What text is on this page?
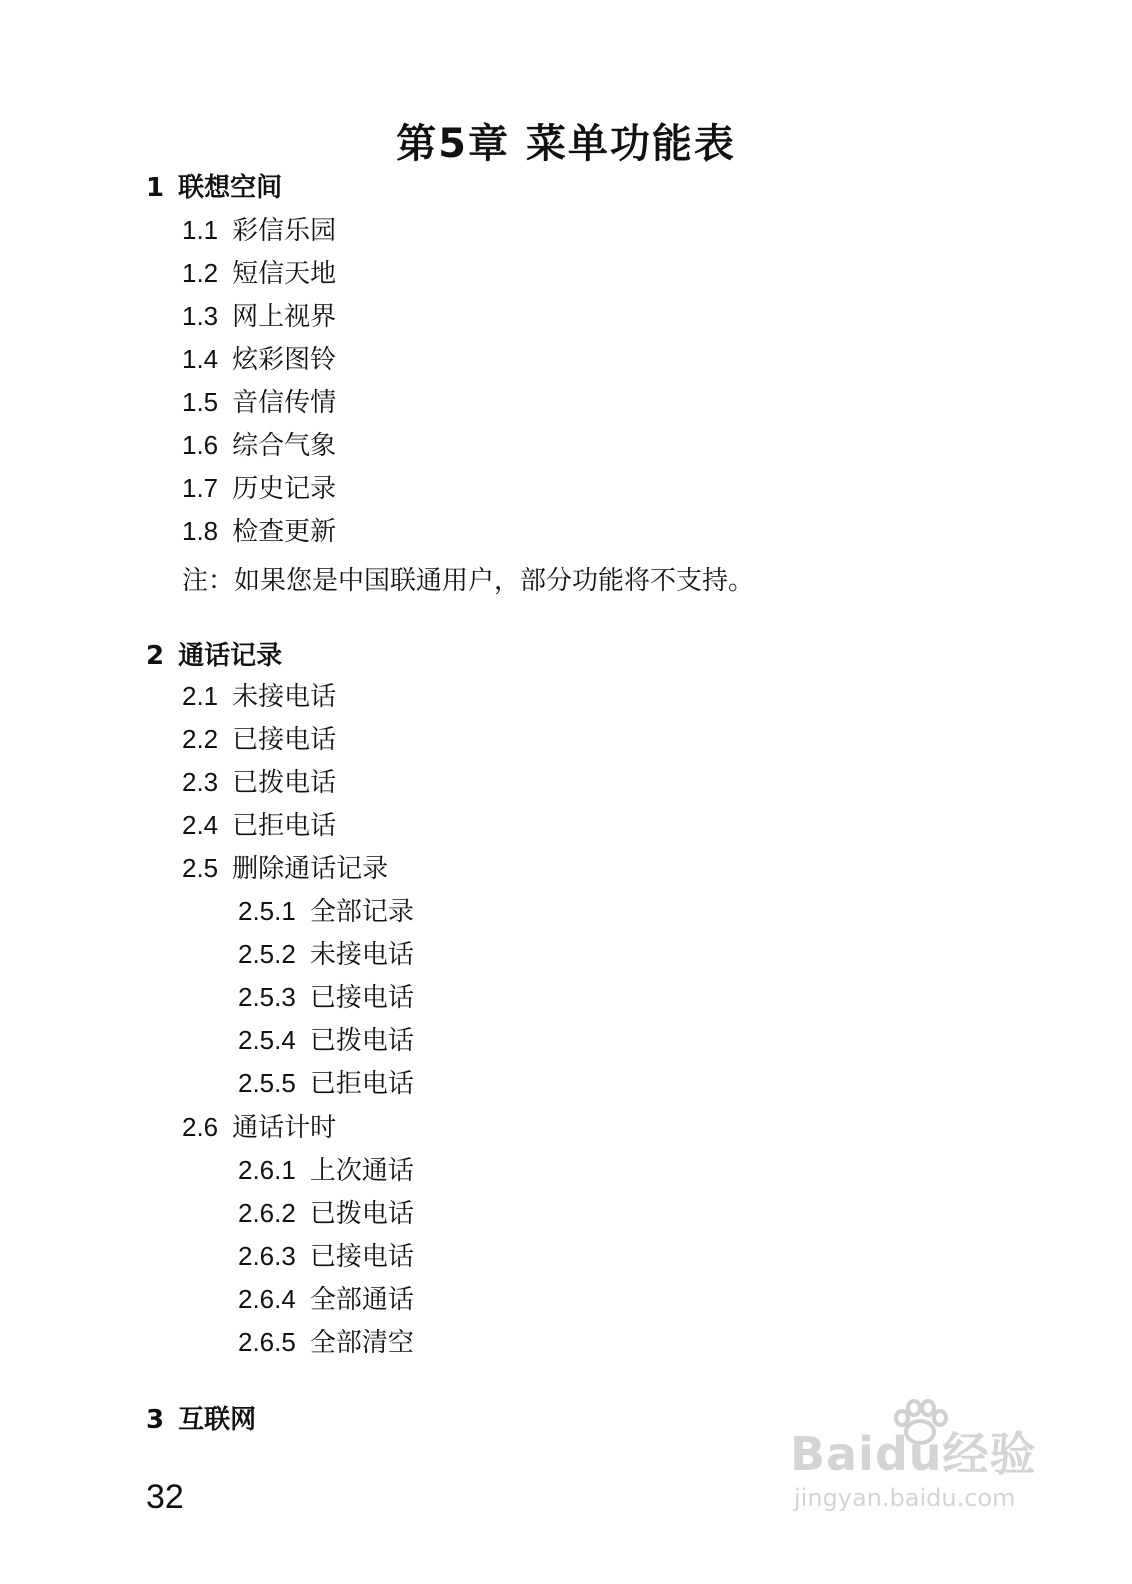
第5章 菜单功能表
1 联想空间
1.1 彩信乐园
1.2 短信天地
1.3 网上视界
1.4 炫彩图铃
1.5 音信传情
1.6 综合气象
1.7 历史记录
1.8 检查更新
注：如果您是中国联通用户，部分功能将不支持。
2 通话记录
2.1 未接电话
2.2 已接电话
2.3 已拨电话
2.4 已拒电话
2.5 删除通话记录
2.5.1 全部记录
2.5.2 未接电话
2.5.3 已接电话
2.5.4 已拨电话
2.5.5 已拒电话
2.6 通话计时
2.6.1 上次通话
2.6.2 已拨电话
2.6.3 已接电话
2.6.4 全部通话
2.6.5 全部清空
3 互联网
32
Baidu经验
jingyan.baidu.com
